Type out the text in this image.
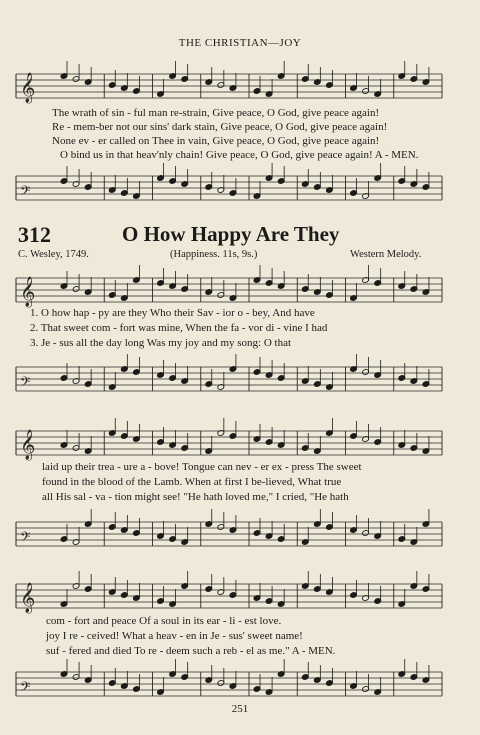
THE CHRISTIAN—JOY
𝄞
The wrath of sin - ful man re-strain, Give peace, O God, give peace again!
Re - mem-ber not our sins' dark stain, Give peace, O God, give peace again!
None ev - er called on Thee in vain, Give peace, O God, give peace again!
O bind us in that heav'nly chain! Give peace, O God, give peace again! A - MEN.
𝄢
312	O How Happy Are They
C. Wesley, 1749.	(Happiness. 11s, 9s.)	Western Melody.
𝄞
1. O how hap - py are they Who their Sav - ior o - bey, And have
2. That sweet com - fort was mine, When the fa - vor di - vine I had
3. Je - sus all the day long Was my joy and my song: O that
𝄢
𝄞
laid up their trea - ure a - bove! Tongue can nev - er ex - press The sweet
found in the blood of the Lamb. When at first I be-lieved, What true
all His sal - va - tion might see! "He hath loved me," I cried, "He hath
𝄢
𝄞
com - fort and peace Of a soul in its ear - li - est love.
joy I re - ceived! What a heav - en in Je - sus' sweet name!
suf - fered and died To re - deem such a reb - el as me." A - MEN.
𝄢
251
